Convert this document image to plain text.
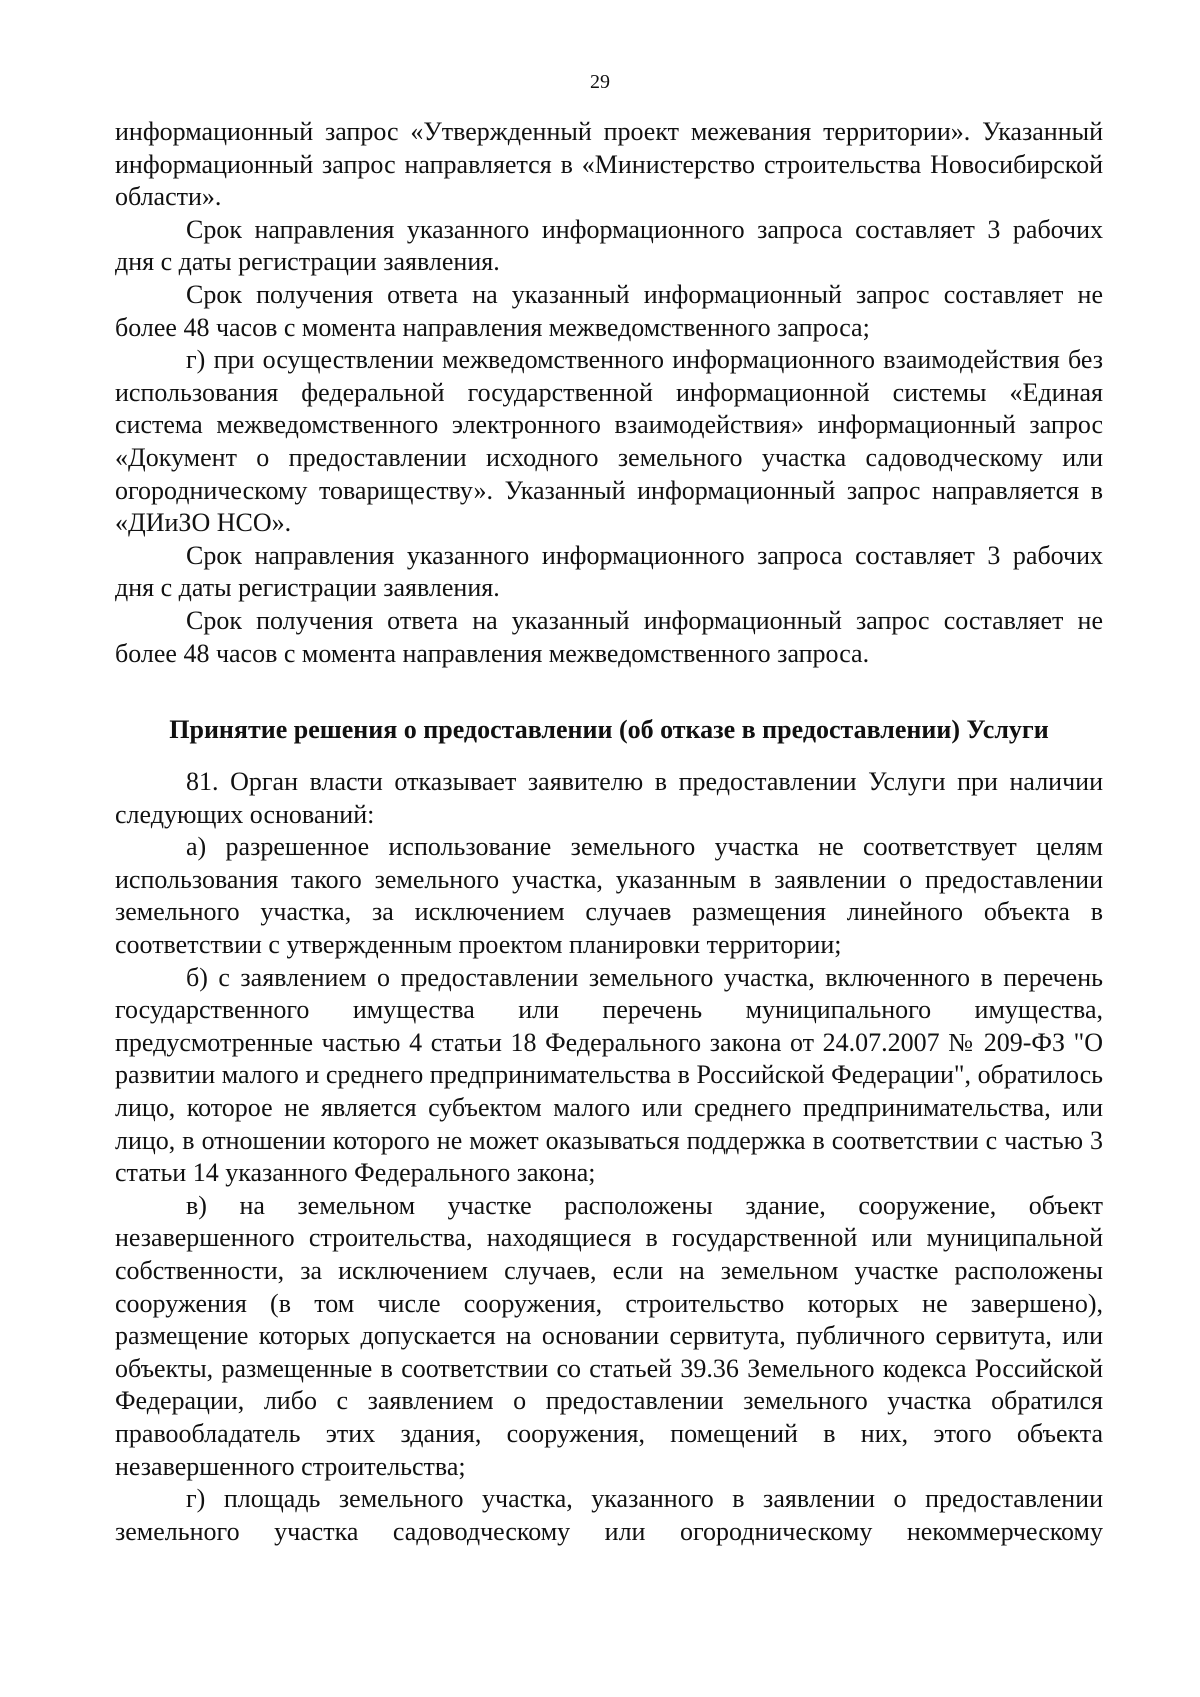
29

информационный запрос «Утвержденный проект межевания территории». Указанный информационный запрос направляется в «Министерство строительства Новосибирской области».

Срок направления указанного информационного запроса составляет 3 рабочих дня с даты регистрации заявления.

Срок получения ответа на указанный информационный запрос составляет не более 48 часов с момента направления межведомственного запроса;

г) при осуществлении межведомственного информационного взаимодействия без использования федеральной государственной информационной системы «Единая система межведомственного электронного взаимодействия» информационный запрос «Документ о предоставлении исходного земельного участка садоводческому или огородническому товариществу». Указанный информационный запрос направляется в «ДИиЗО НСО».

Срок направления указанного информационного запроса составляет 3 рабочих дня с даты регистрации заявления.

Срок получения ответа на указанный информационный запрос составляет не более 48 часов с момента направления межведомственного запроса.

Принятие решения о предоставлении (об отказе в предоставлении) Услуги

81. Орган власти отказывает заявителю в предоставлении Услуги при наличии следующих оснований:

а) разрешенное использование земельного участка не соответствует целям использования такого земельного участка, указанным в заявлении о предоставлении земельного участка, за исключением случаев размещения линейного объекта в соответствии с утвержденным проектом планировки территории;

б) с заявлением о предоставлении земельного участка, включенного в перечень государственного имущества или перечень муниципального имущества, предусмотренные частью 4 статьи 18 Федерального закона от 24.07.2007 № 209-ФЗ "О развитии малого и среднего предпринимательства в Российской Федерации", обратилось лицо, которое не является субъектом малого или среднего предпринимательства, или лицо, в отношении которого не может оказываться поддержка в соответствии с частью 3 статьи 14 указанного Федерального закона;

в) на земельном участке расположены здание, сооружение, объект незавершенного строительства, находящиеся в государственной или муниципальной собственности, за исключением случаев, если на земельном участке расположены сооружения (в том числе сооружения, строительство которых не завершено), размещение которых допускается на основании сервитута, публичного сервитута, или объекты, размещенные в соответствии со статьей 39.36 Земельного кодекса Российской Федерации, либо с заявлением о предоставлении земельного участка обратился правообладатель этих здания, сооружения, помещений в них, этого объекта незавершенного строительства;

г) площадь земельного участка, указанного в заявлении о предоставлении земельного участка садоводческому или огородническому некоммерческому
